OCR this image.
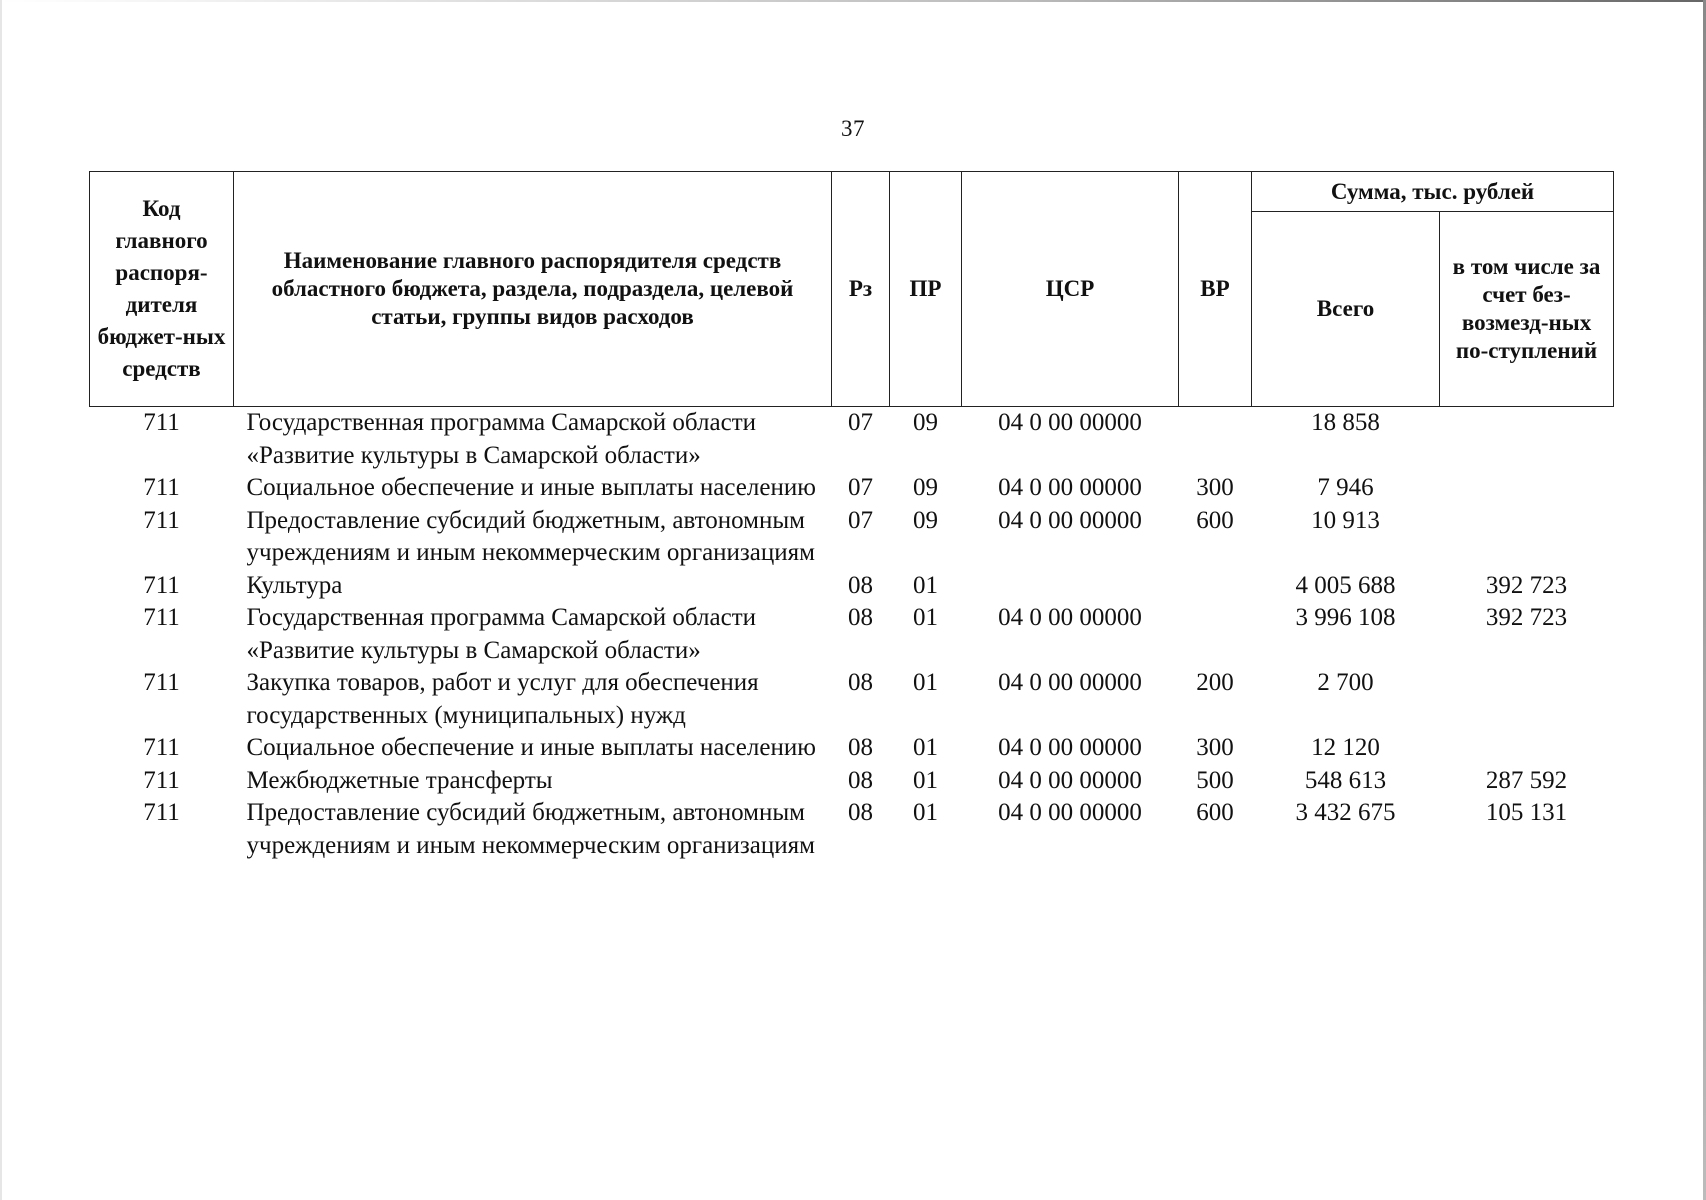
37
Код главного распоря-дителя бюджет-ных средств	Наименование главного распорядителя средств областного бюджета, раздела, подраздела, целевой статьи, группы видов расходов	Рз	ПР	ЦСР	ВР	Сумма, тыс. рублей	
						Всего	в том числе за счет без-возмезд-ных по-ступлений
711	Государственная программа Самарской области «Развитие культуры в Самарской области»	07	09	04 0 00 00000		18 858	
711	Социальное обеспечение и иные выплаты населению	07	09	04 0 00 00000	300	7 946	
711	Предоставление субсидий бюджетным, автономным учреждениям и иным некоммерческим организациям	07	09	04 0 00 00000	600	10 913	
711	Культура	08	01			4 005 688	392 723
711	Государственная программа Самарской области «Развитие культуры в Самарской области»	08	01	04 0 00 00000		3 996 108	392 723
711	Закупка товаров, работ и услуг для обеспечения государственных (муниципальных) нужд	08	01	04 0 00 00000	200	2 700	
711	Социальное обеспечение и иные выплаты населению	08	01	04 0 00 00000	300	12 120	
711	Межбюджетные трансферты	08	01	04 0 00 00000	500	548 613	287 592
711	Предоставление субсидий бюджетным, автономным учреждениям и иным некоммерческим организациям	08	01	04 0 00 00000	600	3 432 675	105 131
